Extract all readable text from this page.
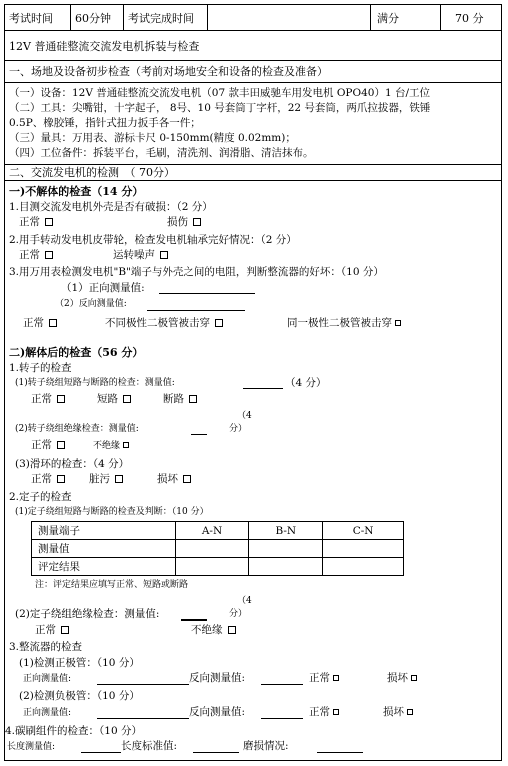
考试时间	60分钟	考试完成时间	满分	70 分
12V 普通硅整流交流发电机拆装与检查
一、场地及设备初步检查（考前对场地安全和设备的检查及准备）
（一）设备：12V 普通硅整流交流发电机（07 款丰田威驰车用发电机 OPO40）1 台/工位
（二）工具：尖嘴钳，十字起子， 8号、10 号套筒丁字杆，22 号套筒，两爪拉拔器，铁锤
0.5P、橡胶锤，指针式扭力扳手各一件；
（三）量具：万用表、游标卡尺 0-150mm(精度 0.02mm)；
（四）工位备件：拆装平台，毛刷，清洗剂、润滑脂、清洁抹布。
二、交流发电机的检测　（ 70分）
一)不解体的检查（14 分）
1.目测交流发电机外壳是否有破损：（2 分）
正常	损伤
2.用手转动发电机皮带轮，检查发电机轴承完好情况：（2 分）
正常	运转噪声
3.用万用表检测发电机"B"端子与外壳之间的电阻，判断整流器的好坏：（10 分）
（1）正向测量值:
（2）反向测量值:
正常	不同极性二极管被击穿	同一极性二极管被击穿
二)解体后的检查（56 分）
1.转子的检查
(1)转子绕组短路与断路的检查：测量值:	（4 分）
正常	短路	断路
（4
(2)转子绕组绝缘检查：测量值:	分）
正常	不绝缘
(3)滑环的检查：（4 分）
正常	脏污	损坏
2.定子的检查
(1)定子绕组短路与断路的检查及判断：（10 分）
测量端子	A-N	B-N	C-N
测量值			
评定结果			
注：评定结果应填写正常、短路或断路
（4
(2)定子绕组绝缘检查：测量值:	分）
正常	不绝缘
3.整流器的检查
(1)检测正极管：（10 分）
正向测量值:	反向测量值:	正常	损坏
(2)检测负极管：（10 分）
正向测量值:	反向测量值:	正常	损坏
4.碳刷组件的检查：（10 分）
长度测量值:	长度标准值:	磨损情况:
